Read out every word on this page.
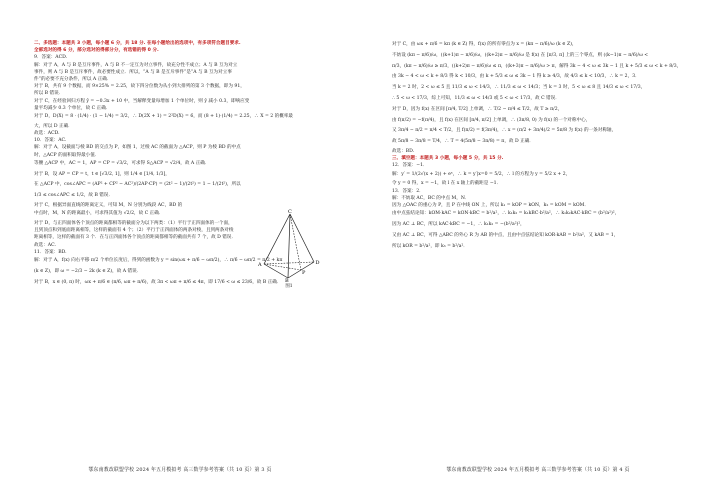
二、多选题：本题共 3 小题，每小题 6 分，共 18 分. 在每小题给出的选项中，有多项符合题目要求.

全部选对的得 6 分，部分选对的得部分分，有选错的得 0 分.

9．答案：ACD.

解：对于 A，A 与 B 是互斥事件，A 与 B 不一定互为对立事件，故充分性不成立；A 与 B 互为对立

事件，则 A 与 B 是互斥事件，故必要性成立．所以，“A 与 B 是互斥事件”是“A 与 B 互为对立事

件”的必要不充分条件，所以 A 正确．

对于 B，共有 9 个数据，而 9×25% = 2.25，故下四分位数为从小到大排列的第 3 个数据，即为 91，

所以 B 错误．

对于 C，在经验回归方程 ŷ = −0.3x + 10 中，当解释变量每增加 1 个单位时，则 ŷ 减小 0.3，即响应变

量平均减少 0.3 个单位，故 C 正确．

对于 D，D(X) = 8 · (1/4) · (1 − 1/4) = 3/2，∴ D(2X + 1) = 2²D(X) = 6，而 (8 + 1)·(1/4) = 2.25，∴ X = 2 的概率最

大，所以 D 正确．

故选：ACD.

10．答案：AC.

解：对于 A，设截面与棱 BD 的交点为 P，如图 1，过棱 AC 的截面为 △ACP，则 P 为棱 BD 的中点

时，△ACP 的面积取得最小值．

等腰 △ACP 中，AC = 1，AP = CP = √3/2，可求得 S△ACP = √2/4，故 A 正确．

对于 B，设 AP = CP = t，t ∈ [√3/2, 1]，则 1/4 ∈ [1/4, 1/3]，

在 △ACP 中，cos∠APC = (AP² + CP² − AC²)/(2AP·CP) = (2t² − 1)/(2t²) = 1 − 1/(2t²)，所以

1/3 ≤ cos∠APC ≤ 1/2，故 B 错误．

对于 C，根据异面直线的距离定义，可知 M，N 分别为线段 AC，BD 的

中点时，M，N 的距离最小，可求得其值为 √2/2，故 C 正确．

对于 D，与正四面体各个顶点的距离都相等的截面分为以下两类：（1）平行于正四面体的一个面，

且到顶点和到底面距离相等，这样的截面有 4 个；（2）平行于正四面体的两条对棱，且到两条对棱

距离相等，这样的截面有 3 个．在与正四面体各个顶点的距离都相等的截面共有 7 个，故 D 错误．

故选：AC.

11．答案：BD.

解：对于 A，f(x) 向右平移 π/2 个单位长度后，得到的函数为 y = sin(ωx + π/6 − ωπ/2)，∴ π/6 − ωπ/2 = π/2 + kπ

(k ∈ Z)，即 ω = −2/3 − 2k (k ∈ Z)，故 A 错误．

对于 B，x ∈ (0, π) 时，ωx + π/6 ∈ (π/6, ωπ + π/6)，故 3π < ωπ + π/6 ≤ 4π，即 17/6 < ω ≤ 23/6，故 B 正确．

对于 C，由 ωx + π/6 = kπ (k ∈ Z) 得，f(x) 的所有零点为 x = (kπ − π/6)/ω (k ∈ Z)，

不妨设 (kπ − π/6)/ω，((k+1)π − π/6)/ω，((k+2)π − π/6)/ω 是 f(x) 在 [π/3, π] 上的三个零点，则 ((k−1)π − π/6)/ω <

π/3，(kπ − π/6)/ω ≥ π/3，((k+2)π − π/6)/ω ≤ π，((k+3)π − π/6)/ω > π，解得 3k − 4 < ω ≤ 3k − 1 且 k + 5/3 ≤ ω < k + 8/3，

由 3k − 4 < ω < k + 8/3 得 k < 10/3，由 k + 5/3 ≤ ω ≤ 3k − 1 得 k ≥ 4/3，故 4/3 ≤ k < 10/3，∴ k = 2，3．

当 k = 2 时，2 < ω ≤ 5 且 11/3 ≤ ω < 14/3，∴ 11/3 ≤ ω < 14/3；当 k = 3 时，5 < ω ≤ 8 且 14/3 ≤ ω < 17/3，

∴ 5 < ω < 17/3，综上可知，11/3 ≤ ω < 14/3 或 5 < ω < 17/3，故 C 错误．

对于 D，因为 f(x) 在区间 [π/4, T/2] 上单调，∴ T/2 − π/4 ≤ T/2，故 T ≥ π/2，

由 f(π/2) = −f(π/4)，且 f(x) 在区间 [π/4, π/2] 上单调，∴ (3π/8, 0) 为 f(x) 的一个对称中心，

又 3π/4 − π/2 = π/4 < T/2，且 f(π/2) = f(3π/4)，∴ x = (π/2 + 3π/4)/2 = 5π/8 为 f(x) 的一条对称轴，

故 5π/8 − 3π/8 = T/4，∴ T = 4(5π/8 − 3π/8) = π，故 D 正确．

故选：BD.

三、填空题：本题共 3 小题，每小题 5 分，共 15 分.

12．答案：−1．

解：y′ = 1/(2√(x + 2)) + eˣ，∴ k = y′|x=0 = 5/2，∴ l 的方程为 y = 5/2 x + 2，

令 y = 0 得，x = −1，故 l 在 x 轴上的截距是 −1．

13．答案：2．

解：不妨取 AC，BC 的中点 M，N．

因为 △OAC 的重心为 P，且 P 在中线 ON 上，所以 k₁ = kOP = kON，k₂ = kOM = kOM．

由中点弦结论知：kOM·kAC = kON·kBC = b²/a²，∴ k₁k₂ = k₁kBC·b²/a²，∴ k₁k₂kAC·kBC = (b²/a²)²，

因为 AC ⊥ BC，所以 kAC·kBC = −1，∴ k₁k₂ = −(b²/a²)²，

又由 AC ⊥ BC，可得 △ABC 的外心 R 为 AB 的中点，且由中点弦结论知 kOR·kAB = b²/a²，又 kAB = 1，

所以 kOR = b²/a²，即 k₃ = b²/a²．

C
A
B
D
P
图1
鄂东南教改联盟学校 2024 年五月模拟考 高三数学参考答案（共 10 页）第 3 页	鄂东南教改联盟学校 2024 年五月模拟考 高三数学参考答案（共 10 页）第 4 页
